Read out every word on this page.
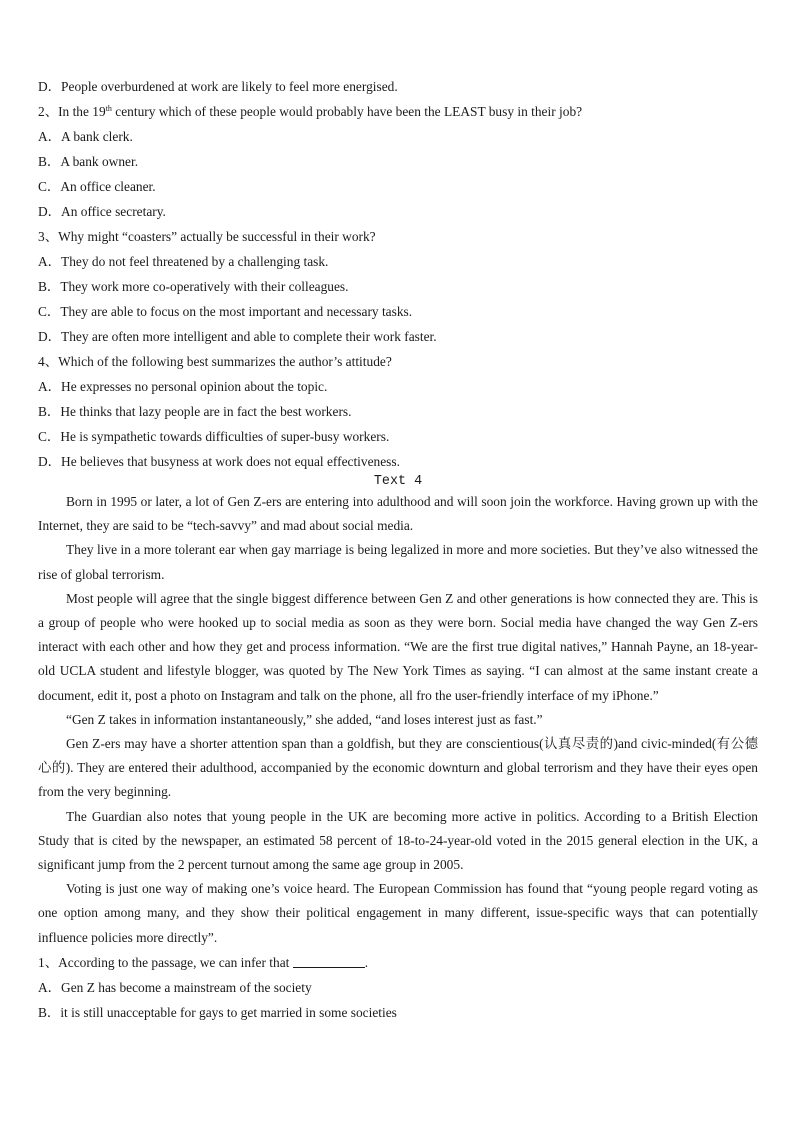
D．People overburdened at work are likely to feel more energised.
2、In the 19th century which of these people would probably have been the LEAST busy in their job?
A．A bank clerk.
B．A bank owner.
C．An office cleaner.
D．An office secretary.
3、Why might “coasters” actually be successful in their work?
A．They do not feel threatened by a challenging task.
B．They work more co-operatively with their colleagues.
C．They are able to focus on the most important and necessary tasks.
D．They are often more intelligent and able to complete their work faster.
4、Which of the following best summarizes the author’s attitude?
A．He expresses no personal opinion about the topic.
B．He thinks that lazy people are in fact the best workers.
C．He is sympathetic towards difficulties of super-busy workers.
D．He believes that busyness at work does not equal effectiveness.
Text 4

Born in 1995 or later, a lot of Gen Z-ers are entering into adulthood and will soon join the workforce. Having grown up with the Internet, they are said to be “tech-savvy” and mad about social media.

They live in a more tolerant ear when gay marriage is being legalized in more and more societies. But they’ve also witnessed the rise of global terrorism.

Most people will agree that the single biggest difference between Gen Z and other generations is how connected they are. This is a group of people who were hooked up to social media as soon as they were born. Social media have changed the way Gen Z-ers interact with each other and how they get and process information. “We are the first true digital natives,” Hannah Payne, an 18-year-old UCLA student and lifestyle blogger, was quoted by The New York Times as saying. “I can almost at the same instant create a document, edit it, post a photo on Instagram and talk on the phone, all fro the user-friendly interface of my iPhone.”

“Gen Z takes in information instantaneously,” she added, “and loses interest just as fast.”

Gen Z-ers may have a shorter attention span than a goldfish, but they are conscientious(认真尽责的)and civic-minded(有公德心的). They are entered their adulthood, accompanied by the economic downturn and global terrorism and they have their eyes open from the very beginning.

The Guardian also notes that young people in the UK are becoming more active in politics. According to a British Election Study that is cited by the newspaper, an estimated 58 percent of 18-to-24-year-old voted in the 2015 general election in the UK, a significant jump from the 2 percent turnout among the same age group in 2005.

Voting is just one way of making one’s voice heard. The European Commission has found that “young people regard voting as one option among many, and they show their political engagement in many different, issue-specific ways that can potentially influence policies more directly”.

1、According to the passage, we can infer that	.
A．Gen Z has become a mainstream of the society
B．it is still unacceptable for gays to get married in some societies
